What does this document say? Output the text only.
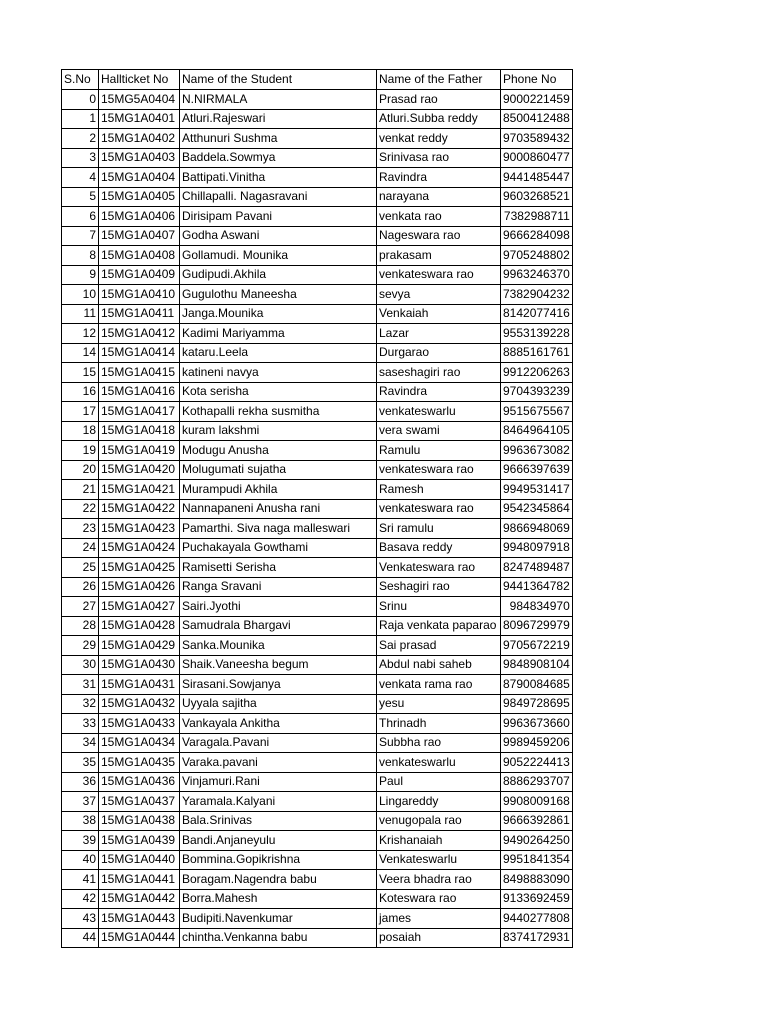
S.No	Hallticket No	Name of the Student	Name of the Father	Phone No
0	15MG5A0404	N.NIRMALA	Prasad rao	9000221459
1	15MG1A0401	Atluri.Rajeswari	Atluri.Subba reddy	8500412488
2	15MG1A0402	Atthunuri Sushma	venkat reddy	9703589432
3	15MG1A0403	Baddela.Sowmya	Srinivasa rao	9000860477
4	15MG1A0404	Battipati.Vinitha	Ravindra	9441485447
5	15MG1A0405	Chillapalli. Nagasravani	narayana	9603268521
6	15MG1A0406	Dirisipam Pavani	venkata rao	7382988711
7	15MG1A0407	Godha Aswani	Nageswara rao	9666284098
8	15MG1A0408	Gollamudi. Mounika	prakasam	9705248802
9	15MG1A0409	Gudipudi.Akhila	venkateswara rao	9963246370
10	15MG1A0410	Gugulothu Maneesha	sevya	7382904232
11	15MG1A0411	Janga.Mounika	Venkaiah	8142077416
12	15MG1A0412	Kadimi Mariyamma	Lazar	9553139228
14	15MG1A0414	kataru.Leela	Durgarao	8885161761
15	15MG1A0415	katineni navya	saseshagiri rao	9912206263
16	15MG1A0416	Kota serisha	Ravindra	9704393239
17	15MG1A0417	Kothapalli rekha susmitha	venkateswarlu	9515675567
18	15MG1A0418	kuram lakshmi	vera swami	8464964105
19	15MG1A0419	Modugu Anusha	Ramulu	9963673082
20	15MG1A0420	Molugumati sujatha	venkateswara rao	9666397639
21	15MG1A0421	Murampudi Akhila	Ramesh	9949531417
22	15MG1A0422	Nannapaneni Anusha rani	venkateswara rao	9542345864
23	15MG1A0423	Pamarthi. Siva naga malleswari	Sri ramulu	9866948069
24	15MG1A0424	Puchakayala Gowthami	Basava reddy	9948097918
25	15MG1A0425	Ramisetti Serisha	Venkateswara rao	8247489487
26	15MG1A0426	Ranga Sravani	Seshagiri rao	9441364782
27	15MG1A0427	Sairi.Jyothi	Srinu	984834970
28	15MG1A0428	Samudrala Bhargavi	Raja venkata paparao	8096729979
29	15MG1A0429	Sanka.Mounika	Sai prasad	9705672219
30	15MG1A0430	Shaik.Vaneesha begum	Abdul nabi saheb	9848908104
31	15MG1A0431	Sirasani.Sowjanya	venkata rama rao	8790084685
32	15MG1A0432	Uyyala sajitha	yesu	9849728695
33	15MG1A0433	Vankayala Ankitha	Thrinadh	9963673660
34	15MG1A0434	Varagala.Pavani	Subbha rao	9989459206
35	15MG1A0435	Varaka.pavani	venkateswarlu	9052224413
36	15MG1A0436	Vinjamuri.Rani	Paul	8886293707
37	15MG1A0437	Yaramala.Kalyani	Lingareddy	9908009168
38	15MG1A0438	Bala.Srinivas	venugopala rao	9666392861
39	15MG1A0439	Bandi.Anjaneyulu	Krishanaiah	9490264250
40	15MG1A0440	Bommina.Gopikrishna	Venkateswarlu	9951841354
41	15MG1A0441	Boragam.Nagendra babu	Veera bhadra rao	8498883090
42	15MG1A0442	Borra.Mahesh	Koteswara rao	9133692459
43	15MG1A0443	Budipiti.Navenkumar	james	9440277808
44	15MG1A0444	chintha.Venkanna babu	posaiah	8374172931
